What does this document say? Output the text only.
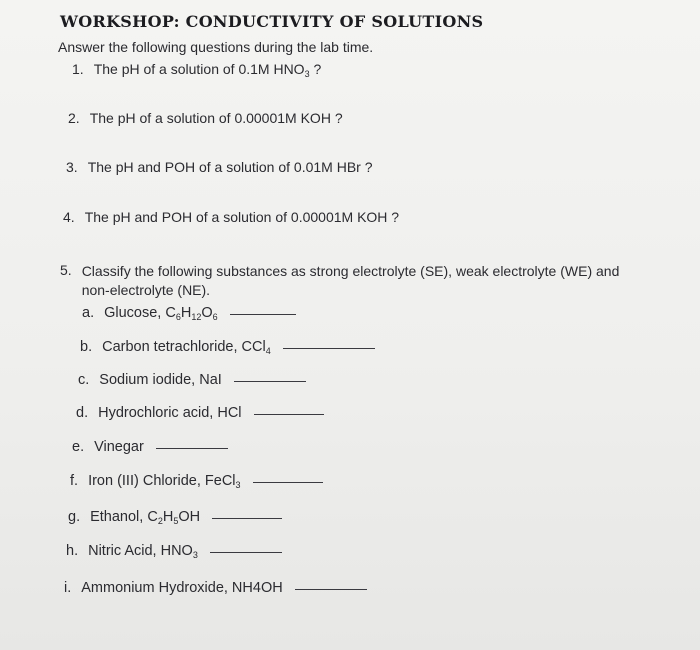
WORKSHOP: CONDUCTIVITY OF SOLUTIONS
Answer the following questions during the lab time.
1. The pH of a solution of 0.1M $HNO_3$ ?
2. The pH of a solution of 0.00001M KOH ?
3. The pH and POH of a solution of 0.01M HBr ?
4. The pH and POH of a solution of 0.00001M KOH ?
5. Classify the following substances as strong electrolyte (SE), weak electrolyte (WE) and non-electrolyte (NE).
a. Glucose, $C_6H_{12}O_6$
b. Carbon tetrachloride, CCl$_4$
c. Sodium iodide, NaI
d. Hydrochloric acid, HCl
e. Vinegar
f. Iron (III) Chloride, FeCl$_3$
g. Ethanol, $C_2H_5OH$
h. Nitric Acid, $HNO_3$
i. Ammonium Hydroxide, NH4OH
